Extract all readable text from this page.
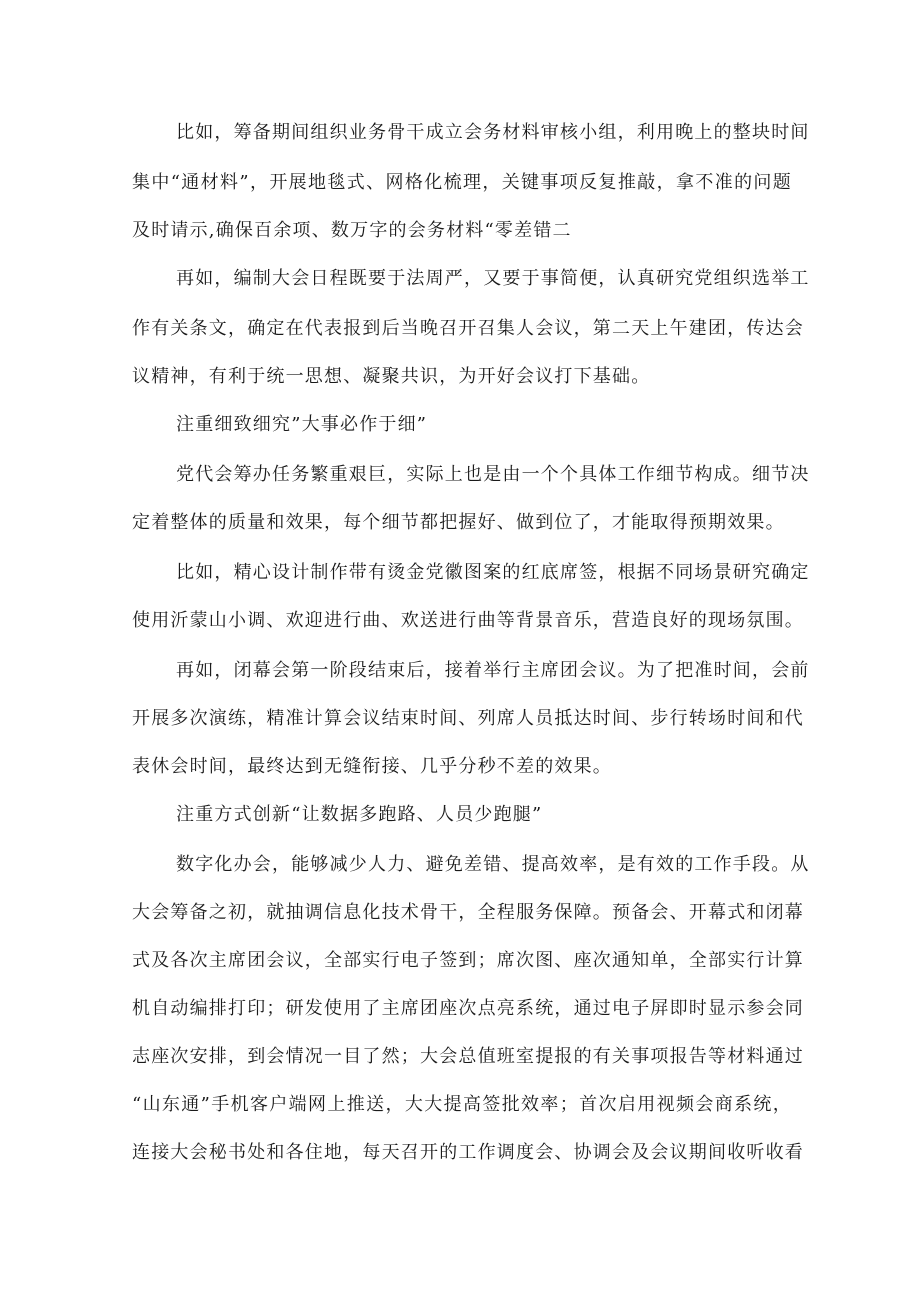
比如，筹备期间组织业务骨干成立会务材料审核小组，利用晚上的整块时间
集中“通材料”，开展地毯式、网格化梳理，关键事项反复推敲，拿不准的问题
及时请示,确保百余项、数万字的会务材料“零差错二
再如，编制大会日程既要于法周严，又要于事简便，认真研究党组织选举工
作有关条文，确定在代表报到后当晚召开召集人会议，第二天上午建团，传达会
议精神，有利于统一思想、凝聚共识，为开好会议打下基础。
注重细致细究”大事必作于细”
党代会筹办任务繁重艰巨，实际上也是由一个个具体工作细节构成。细节决
定着整体的质量和效果，每个细节都把握好、做到位了，才能取得预期效果。
比如，精心设计制作带有烫金党徽图案的红底席签，根据不同场景研究确定
使用沂蒙山小调、欢迎进行曲、欢送进行曲等背景音乐，营造良好的现场氛围。
再如，闭幕会第一阶段结束后，接着举行主席团会议。为了把准时间，会前
开展多次演练，精准计算会议结束时间、列席人员抵达时间、步行转场时间和代
表休会时间，最终达到无缝衔接、几乎分秒不差的效果。
注重方式创新“让数据多跑路、人员少跑腿”
数字化办会，能够减少人力、避免差错、提高效率，是有效的工作手段。从
大会筹备之初，就抽调信息化技术骨干，全程服务保障。预备会、开幕式和闭幕
式及各次主席团会议，全部实行电子签到；席次图、座次通知单，全部实行计算
机自动编排打印；研发使用了主席团座次点亮系统，通过电子屏即时显示参会同
志座次安排，到会情况一目了然；大会总值班室提报的有关事项报告等材料通过
“山东通”手机客户端网上推送，大大提高签批效率；首次启用视频会商系统，
连接大会秘书处和各住地，每天召开的工作调度会、协调会及会议期间收听收看
